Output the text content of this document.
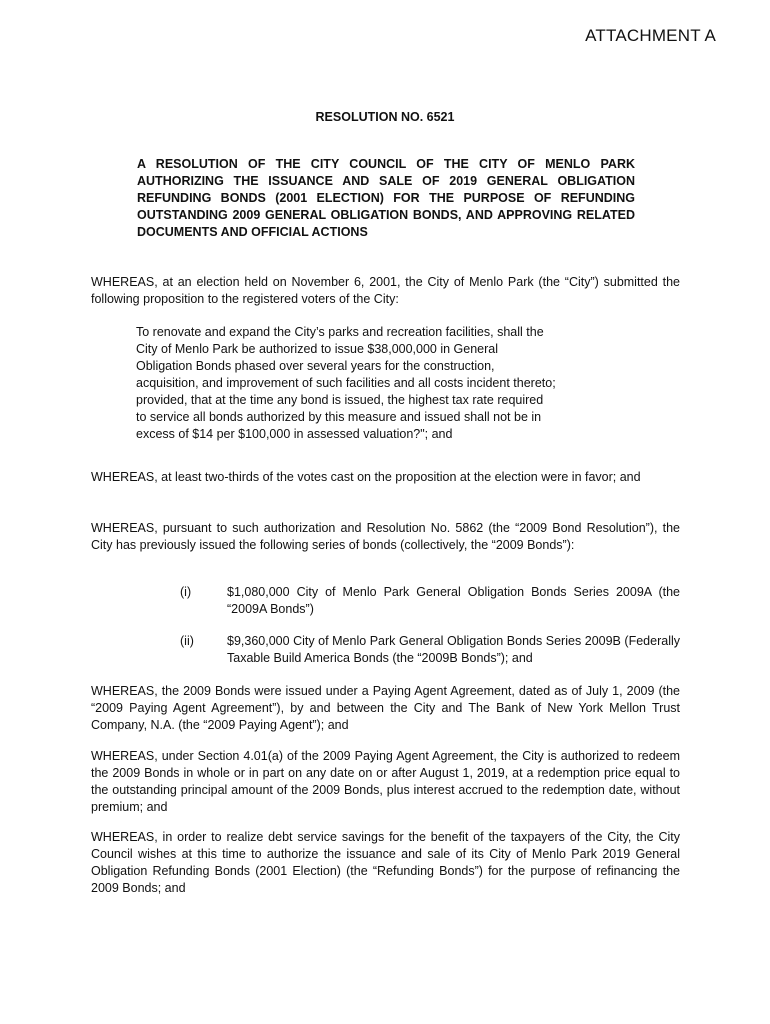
ATTACHMENT A
RESOLUTION NO. 6521
A RESOLUTION OF THE CITY COUNCIL OF THE CITY OF MENLO PARK AUTHORIZING THE ISSUANCE AND SALE OF 2019 GENERAL OBLIGATION REFUNDING BONDS (2001 ELECTION) FOR THE PURPOSE OF REFUNDING OUTSTANDING 2009 GENERAL OBLIGATION BONDS, AND APPROVING RELATED DOCUMENTS AND OFFICIAL ACTIONS
WHEREAS, at an election held on November 6, 2001, the City of Menlo Park (the “City”) submitted the following proposition to the registered voters of the City:
To renovate and expand the City’s parks and recreation facilities, shall the City of Menlo Park be authorized to issue $38,000,000 in General Obligation Bonds phased over several years for the construction, acquisition, and improvement of such facilities and all costs incident thereto; provided, that at the time any bond is issued, the highest tax rate required to service all bonds authorized by this measure and issued shall not be in excess of $14 per $100,000 in assessed valuation?"; and
WHEREAS, at least two-thirds of the votes cast on the proposition at the election were in favor; and
WHEREAS, pursuant to such authorization and Resolution No. 5862 (the “2009 Bond Resolution”), the City has previously issued the following series of bonds (collectively, the “2009 Bonds”):
(i)	$1,080,000 City of Menlo Park General Obligation Bonds Series 2009A (the “2009A Bonds”)
(ii)	$9,360,000 City of Menlo Park General Obligation Bonds Series 2009B (Federally Taxable Build America Bonds (the “2009B Bonds”); and
WHEREAS, the 2009 Bonds were issued under a Paying Agent Agreement, dated as of July 1, 2009 (the “2009 Paying Agent Agreement”), by and between the City and The Bank of New York Mellon Trust Company, N.A. (the “2009 Paying Agent”); and
WHEREAS, under Section 4.01(a) of the 2009 Paying Agent Agreement, the City is authorized to redeem the 2009 Bonds in whole or in part on any date on or after August 1, 2019, at a redemption price equal to the outstanding principal amount of the 2009 Bonds, plus interest accrued to the redemption date, without premium; and
WHEREAS, in order to realize debt service savings for the benefit of the taxpayers of the City, the City Council wishes at this time to authorize the issuance and sale of its City of Menlo Park 2019 General Obligation Refunding Bonds (2001 Election) (the “Refunding Bonds”) for the purpose of refinancing the 2009 Bonds; and
